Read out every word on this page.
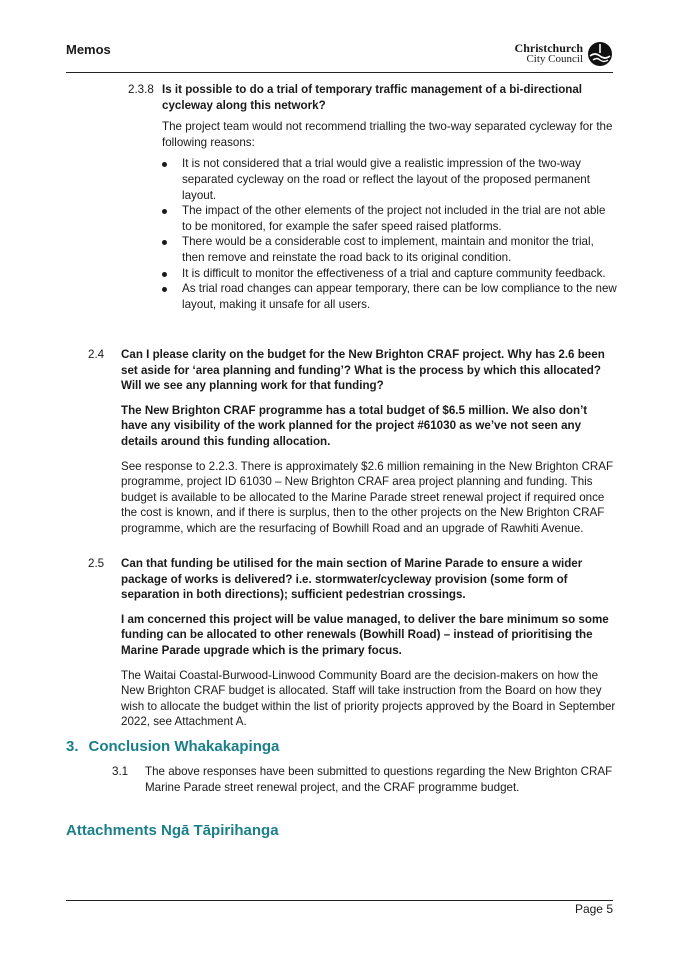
Memos	Christchurch
City Council
2.3.8 Is it possible to do a trial of temporary traffic management of a bi-directional cycleway along this network?

The project team would not recommend trialling the two-way separated cycleway for the following reasons:

It is not considered that a trial would give a realistic impression of the two-way separated cycleway on the road or reflect the layout of the proposed permanent layout.
The impact of the other elements of the project not included in the trial are not able to be monitored, for example the safer speed raised platforms.
There would be a considerable cost to implement, maintain and monitor the trial, then remove and reinstate the road back to its original condition.
It is difficult to monitor the effectiveness of a trial and capture community feedback.
As trial road changes can appear temporary, there can be low compliance to the new layout, making it unsafe for all users.
2.4 Can I please clarity on the budget for the New Brighton CRAF project. Why has 2.6 been set aside for ‘area planning and funding’? What is the process by which this allocated? Will we see any planning work for that funding?

The New Brighton CRAF programme has a total budget of $6.5 million. We also don’t have any visibility of the work planned for the project #61030 as we’ve not seen any details around this funding allocation.

See response to 2.2.3. There is approximately $2.6 million remaining in the New Brighton CRAF programme, project ID 61030 – New Brighton CRAF area project planning and funding. This budget is available to be allocated to the Marine Parade street renewal project if required once the cost is known, and if there is surplus, then to the other projects on the New Brighton CRAF programme, which are the resurfacing of Bowhill Road and an upgrade of Rawhiti Avenue.

2.5 Can that funding be utilised for the main section of Marine Parade to ensure a wider package of works is delivered? i.e. stormwater/cycleway provision (some form of separation in both directions); sufficient pedestrian crossings.

I am concerned this project will be value managed, to deliver the bare minimum so some funding can be allocated to other renewals (Bowhill Road) – instead of prioritising the Marine Parade upgrade which is the primary focus.

The Waitai Coastal-Burwood-Linwood Community Board are the decision-makers on how the New Brighton CRAF budget is allocated. Staff will take instruction from the Board on how they wish to allocate the budget within the list of priority projects approved by the Board in September 2022, see Attachment A.

3. Conclusion Whakakapinga
3.1 The above responses have been submitted to questions regarding the New Brighton CRAF Marine Parade street renewal project, and the CRAF programme budget.

Attachments Ngā Tāpirihanga
Page 5
